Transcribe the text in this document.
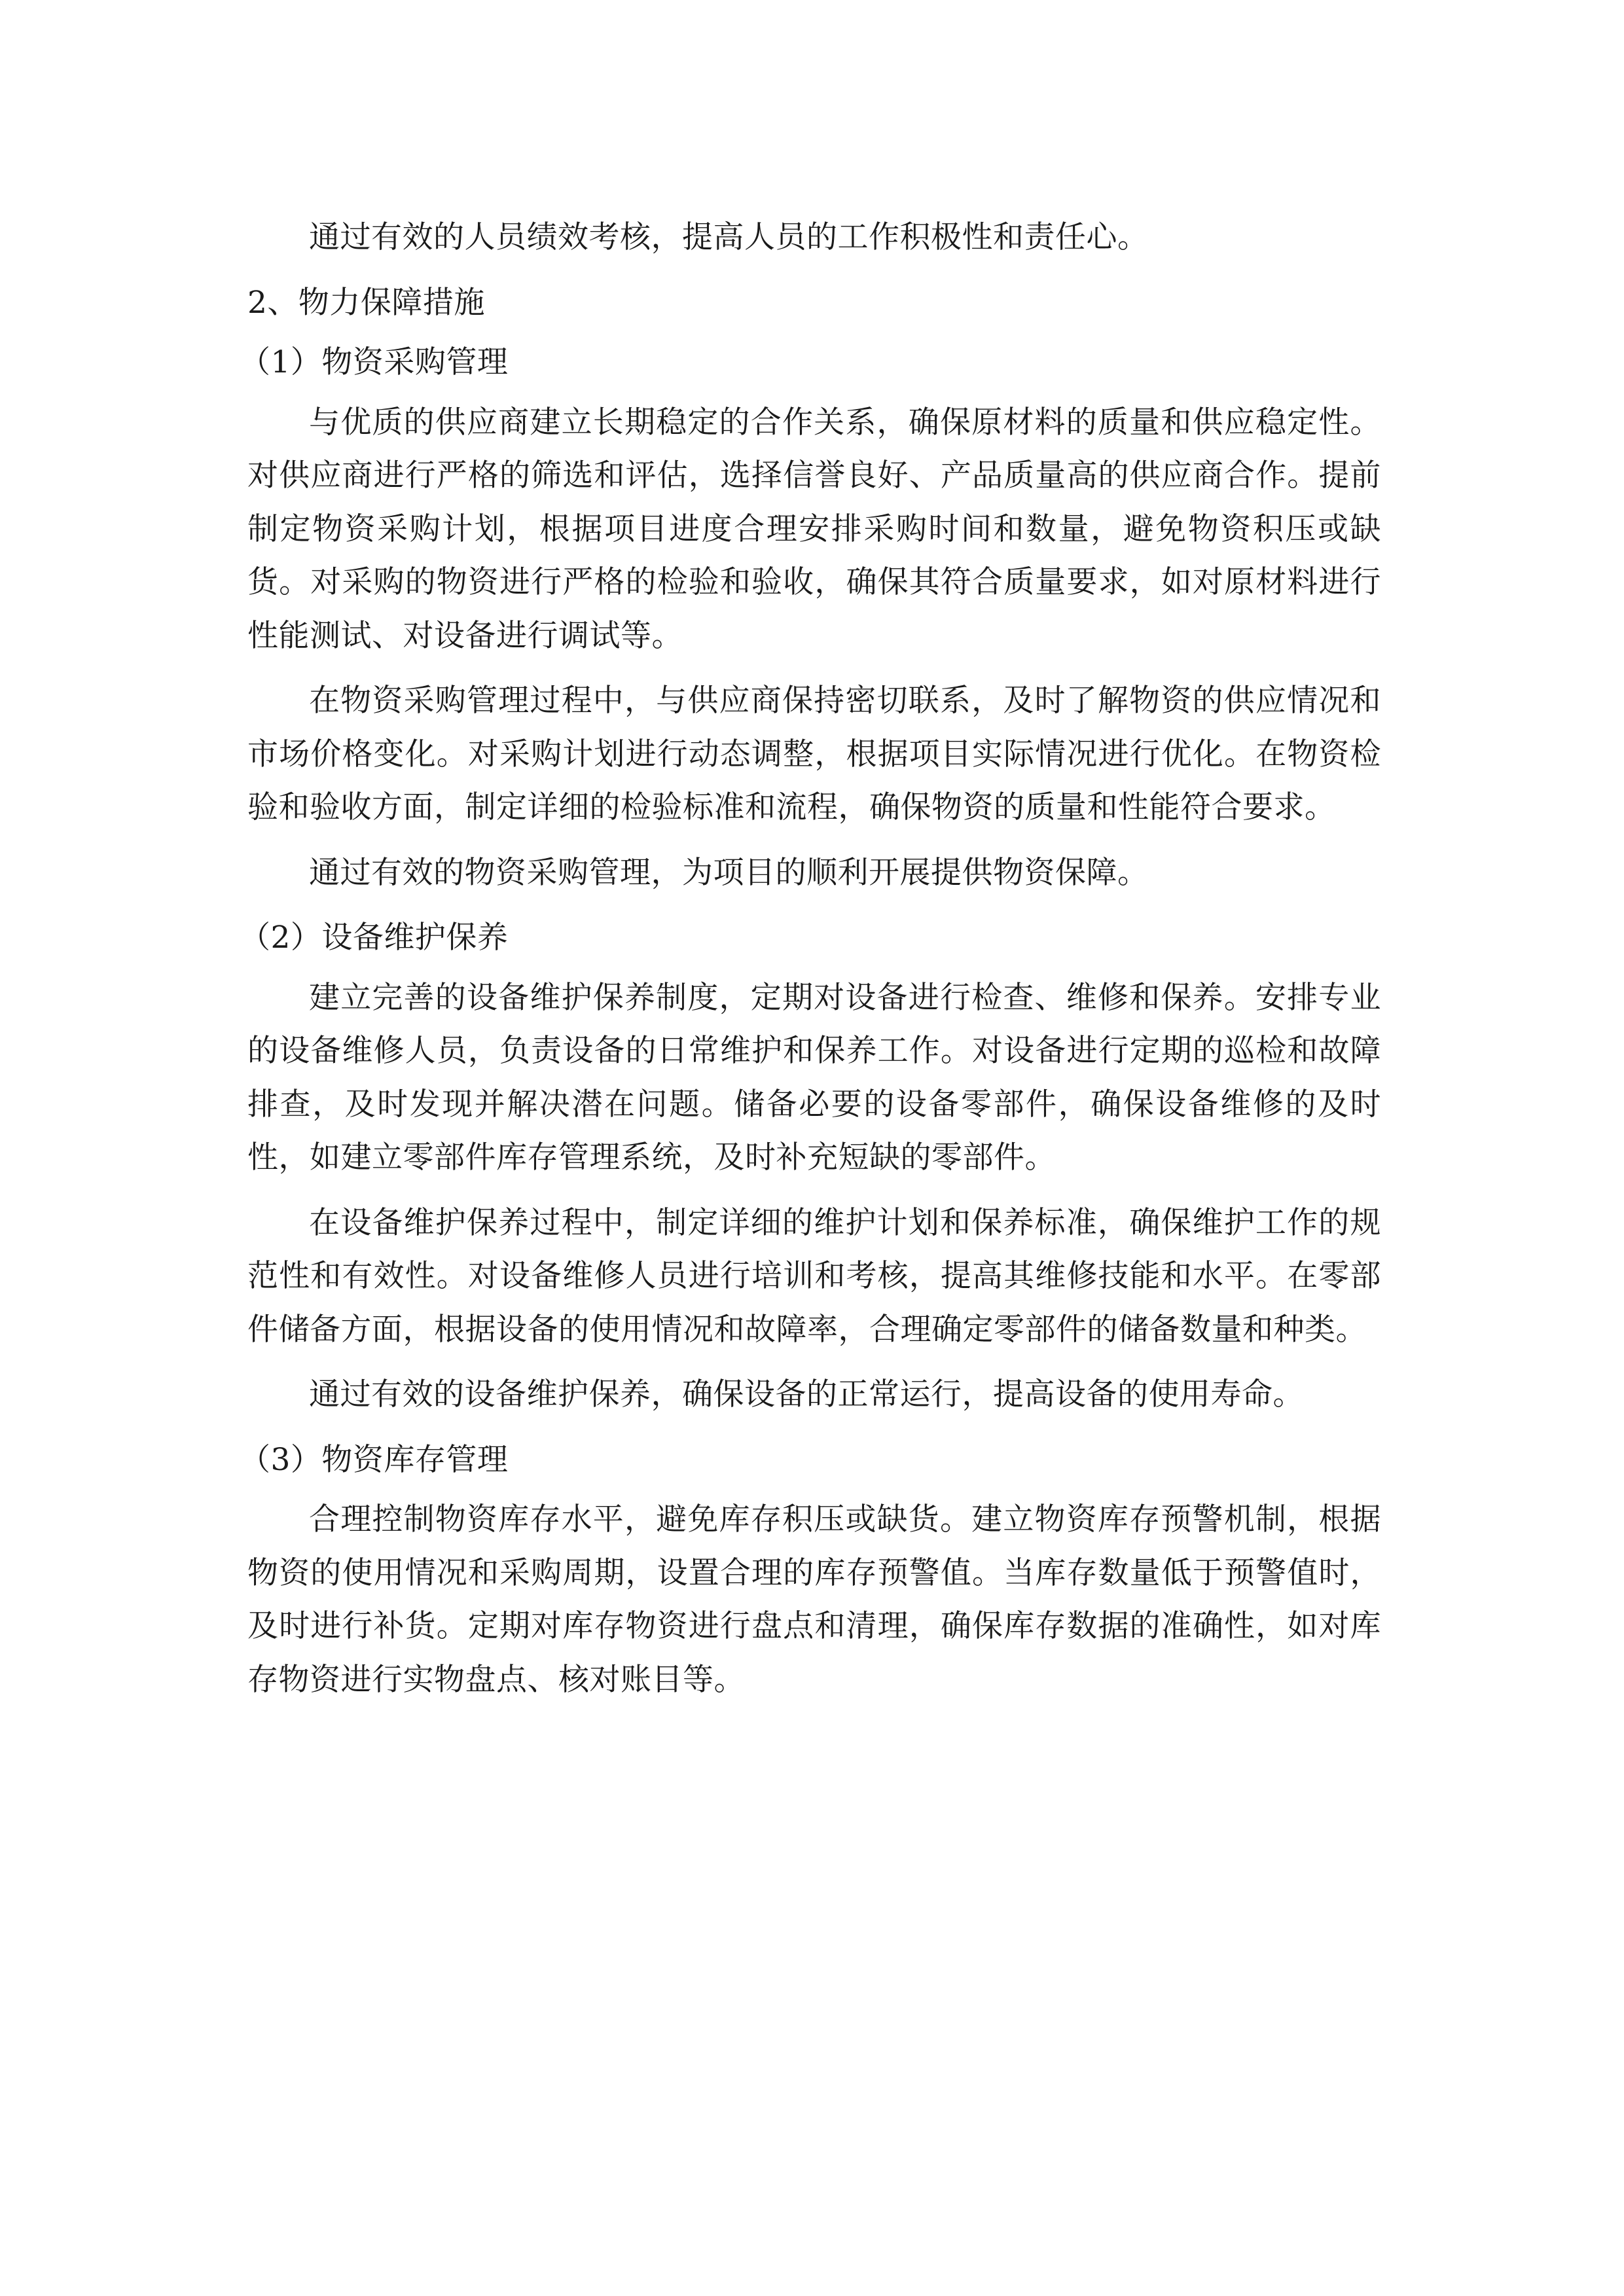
通过有效的人员绩效考核，提高人员的工作积极性和责任心。

2、物力保障措施
（1）物资采购管理

与优质的供应商建立长期稳定的合作关系，确保原材料的质量和供应稳定性。对供应商进行严格的筛选和评估，选择信誉良好、产品质量高的供应商合作。提前制定物资采购计划，根据项目进度合理安排采购时间和数量，避免物资积压或缺货。对采购的物资进行严格的检验和验收，确保其符合质量要求，如对原材料进行性能测试、对设备进行调试等。

在物资采购管理过程中，与供应商保持密切联系，及时了解物资的供应情况和市场价格变化。对采购计划进行动态调整，根据项目实际情况进行优化。在物资检验和验收方面，制定详细的检验标准和流程，确保物资的质量和性能符合要求。

通过有效的物资采购管理，为项目的顺利开展提供物资保障。

（2）设备维护保养

建立完善的设备维护保养制度，定期对设备进行检查、维修和保养。安排专业的设备维修人员，负责设备的日常维护和保养工作。对设备进行定期的巡检和故障排查，及时发现并解决潜在问题。储备必要的设备零部件，确保设备维修的及时性，如建立零部件库存管理系统，及时补充短缺的零部件。

在设备维护保养过程中，制定详细的维护计划和保养标准，确保维护工作的规范性和有效性。对设备维修人员进行培训和考核，提高其维修技能和水平。在零部件储备方面，根据设备的使用情况和故障率，合理确定零部件的储备数量和种类。

通过有效的设备维护保养，确保设备的正常运行，提高设备的使用寿命。

（3）物资库存管理

合理控制物资库存水平，避免库存积压或缺货。建立物资库存预警机制，根据物资的使用情况和采购周期，设置合理的库存预警值。当库存数量低于预警值时，及时进行补货。定期对库存物资进行盘点和清理，确保库存数据的准确性，如对库存物资进行实物盘点、核对账目等。
